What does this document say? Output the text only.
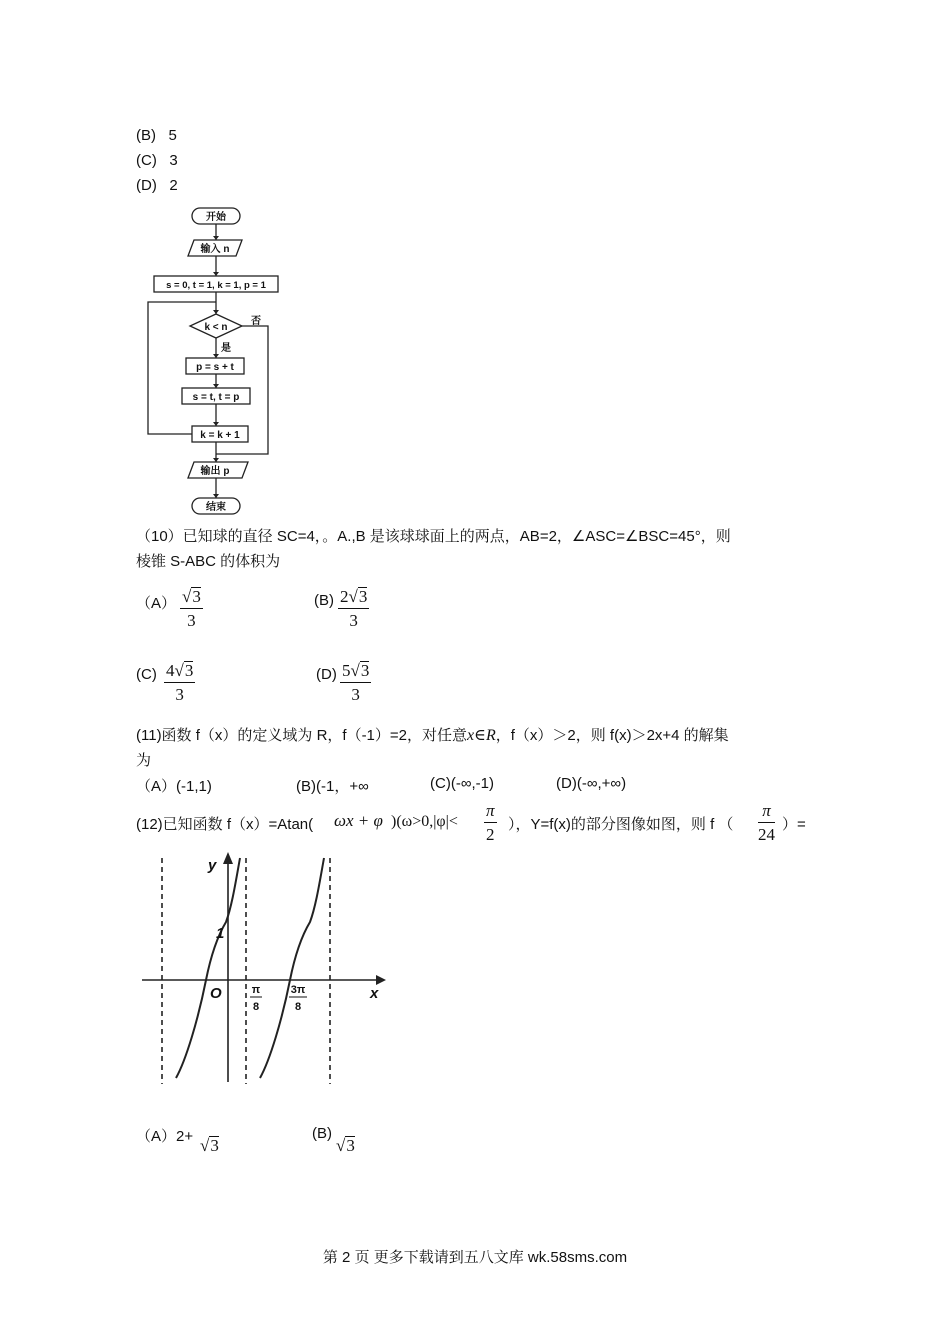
(B) 5
(C) 3
(D) 2
开始
输入 n
s = 0, t = 1, k = 1, p = 1
k < n
p = s + t
s = t, t = p
k = k + 1
输出 p
结束
否
是
（10）已知球的直径 SC=4，。A.,B 是该球球面上的两点，AB=2，∠ASC=∠BSC=45°，则
棱锥 S-ABC 的体积为
$(A) \frac{√3}{3}$	$(B) \frac{2√3}{3}$
$(C) \frac{4√3}{3}$	$(D) \frac{5√3}{3}$
(11)函数 f（x）的定义域为 R，f（-1）=2，对任意x∈R，f（x）＞2，则 f(x)＞2x+4 的解集
为
（A）(-1,1)	(B)(-1，+∞	(C)(-∞,-1)	(D)(-∞,+∞)
(12)已知函数 f（x）=Atan( ωx + φ )($\omega>0,|\varphi|< \frac{\pi}{2}$ ），Y=f(x)的部分图像如图，则 f （ $\frac{\pi}{24}$ ）=
y
x
O
1
π
8
3π
8
（A）2+ √3
(B)
√3
第 2 页 更多下载请到五八文库 wk.58sms.com
